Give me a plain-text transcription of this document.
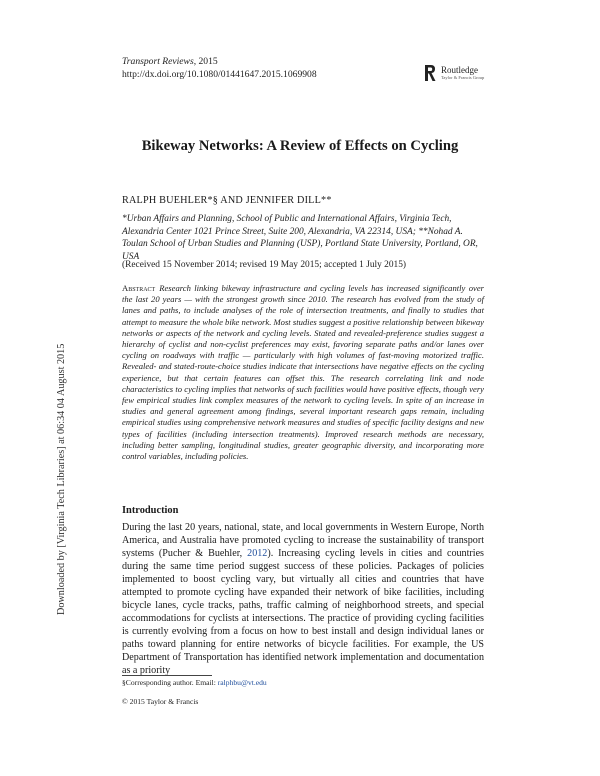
Downloaded by [Virginia Tech Libraries] at 06:34 04 August 2015
Transport Reviews, 2015
http://dx.doi.org/10.1080/01441647.2015.1069908	Routledge
Taylor & Francis Group
Bikeway Networks: A Review of Effects on Cycling
RALPH BUEHLER*§ AND JENNIFER DILL**
*Urban Affairs and Planning, School of Public and International Affairs, Virginia Tech, Alexandria Center 1021 Prince Street, Suite 200, Alexandria, VA 22314, USA; **Nohad A. Toulan School of Urban Studies and Planning (USP), Portland State University, Portland, OR, USA
(Received 15 November 2014; revised 19 May 2015; accepted 1 July 2015)
Abstract Research linking bikeway infrastructure and cycling levels has increased significantly over the last 20 years — with the strongest growth since 2010. The research has evolved from the study of lanes and paths, to include analyses of the role of intersection treatments, and finally to studies that attempt to measure the whole bike network. Most studies suggest a positive relationship between bikeway networks or aspects of the network and cycling levels. Stated and revealed-preference studies suggest a hierarchy of cyclist and non-cyclist preferences may exist, favoring separate paths and/or lanes over cycling on roadways with traffic — particularly with high volumes of fast-moving motorized traffic. Revealed- and stated-route-choice studies indicate that intersections have negative effects on the cycling experience, but that certain features can offset this. The research correlating link and node characteristics to cycling implies that networks of such facilities would have positive effects, though very few empirical studies link complex measures of the network to cycling levels. In spite of an increase in studies and general agreement among findings, several important research gaps remain, including empirical studies using comprehensive network measures and studies of specific facility designs and new types of facilities (including intersection treatments). Improved research methods are necessary, including better sampling, longitudinal studies, greater geographic diversity, and incorporating more control variables, including policies.
Introduction
During the last 20 years, national, state, and local governments in Western Europe, North America, and Australia have promoted cycling to increase the sustainability of transport systems (Pucher & Buehler, 2012). Increasing cycling levels in cities and countries during the same time period suggest success of these policies. Packages of policies implemented to boost cycling vary, but virtually all cities and countries that have attempted to promote cycling have expanded their network of bike facilities, including bicycle lanes, cycle tracks, paths, traffic calming of neighborhood streets, and special accommodations for cyclists at intersections. The practice of providing cycling facilities is currently evolving from a focus on how to best install and design individual lanes or paths toward planning for entire networks of bicycle facilities. For example, the US Department of Transportation has identified network implementation and documentation as a priority
§Corresponding author. Email: ralphbu@vt.edu
© 2015 Taylor & Francis
